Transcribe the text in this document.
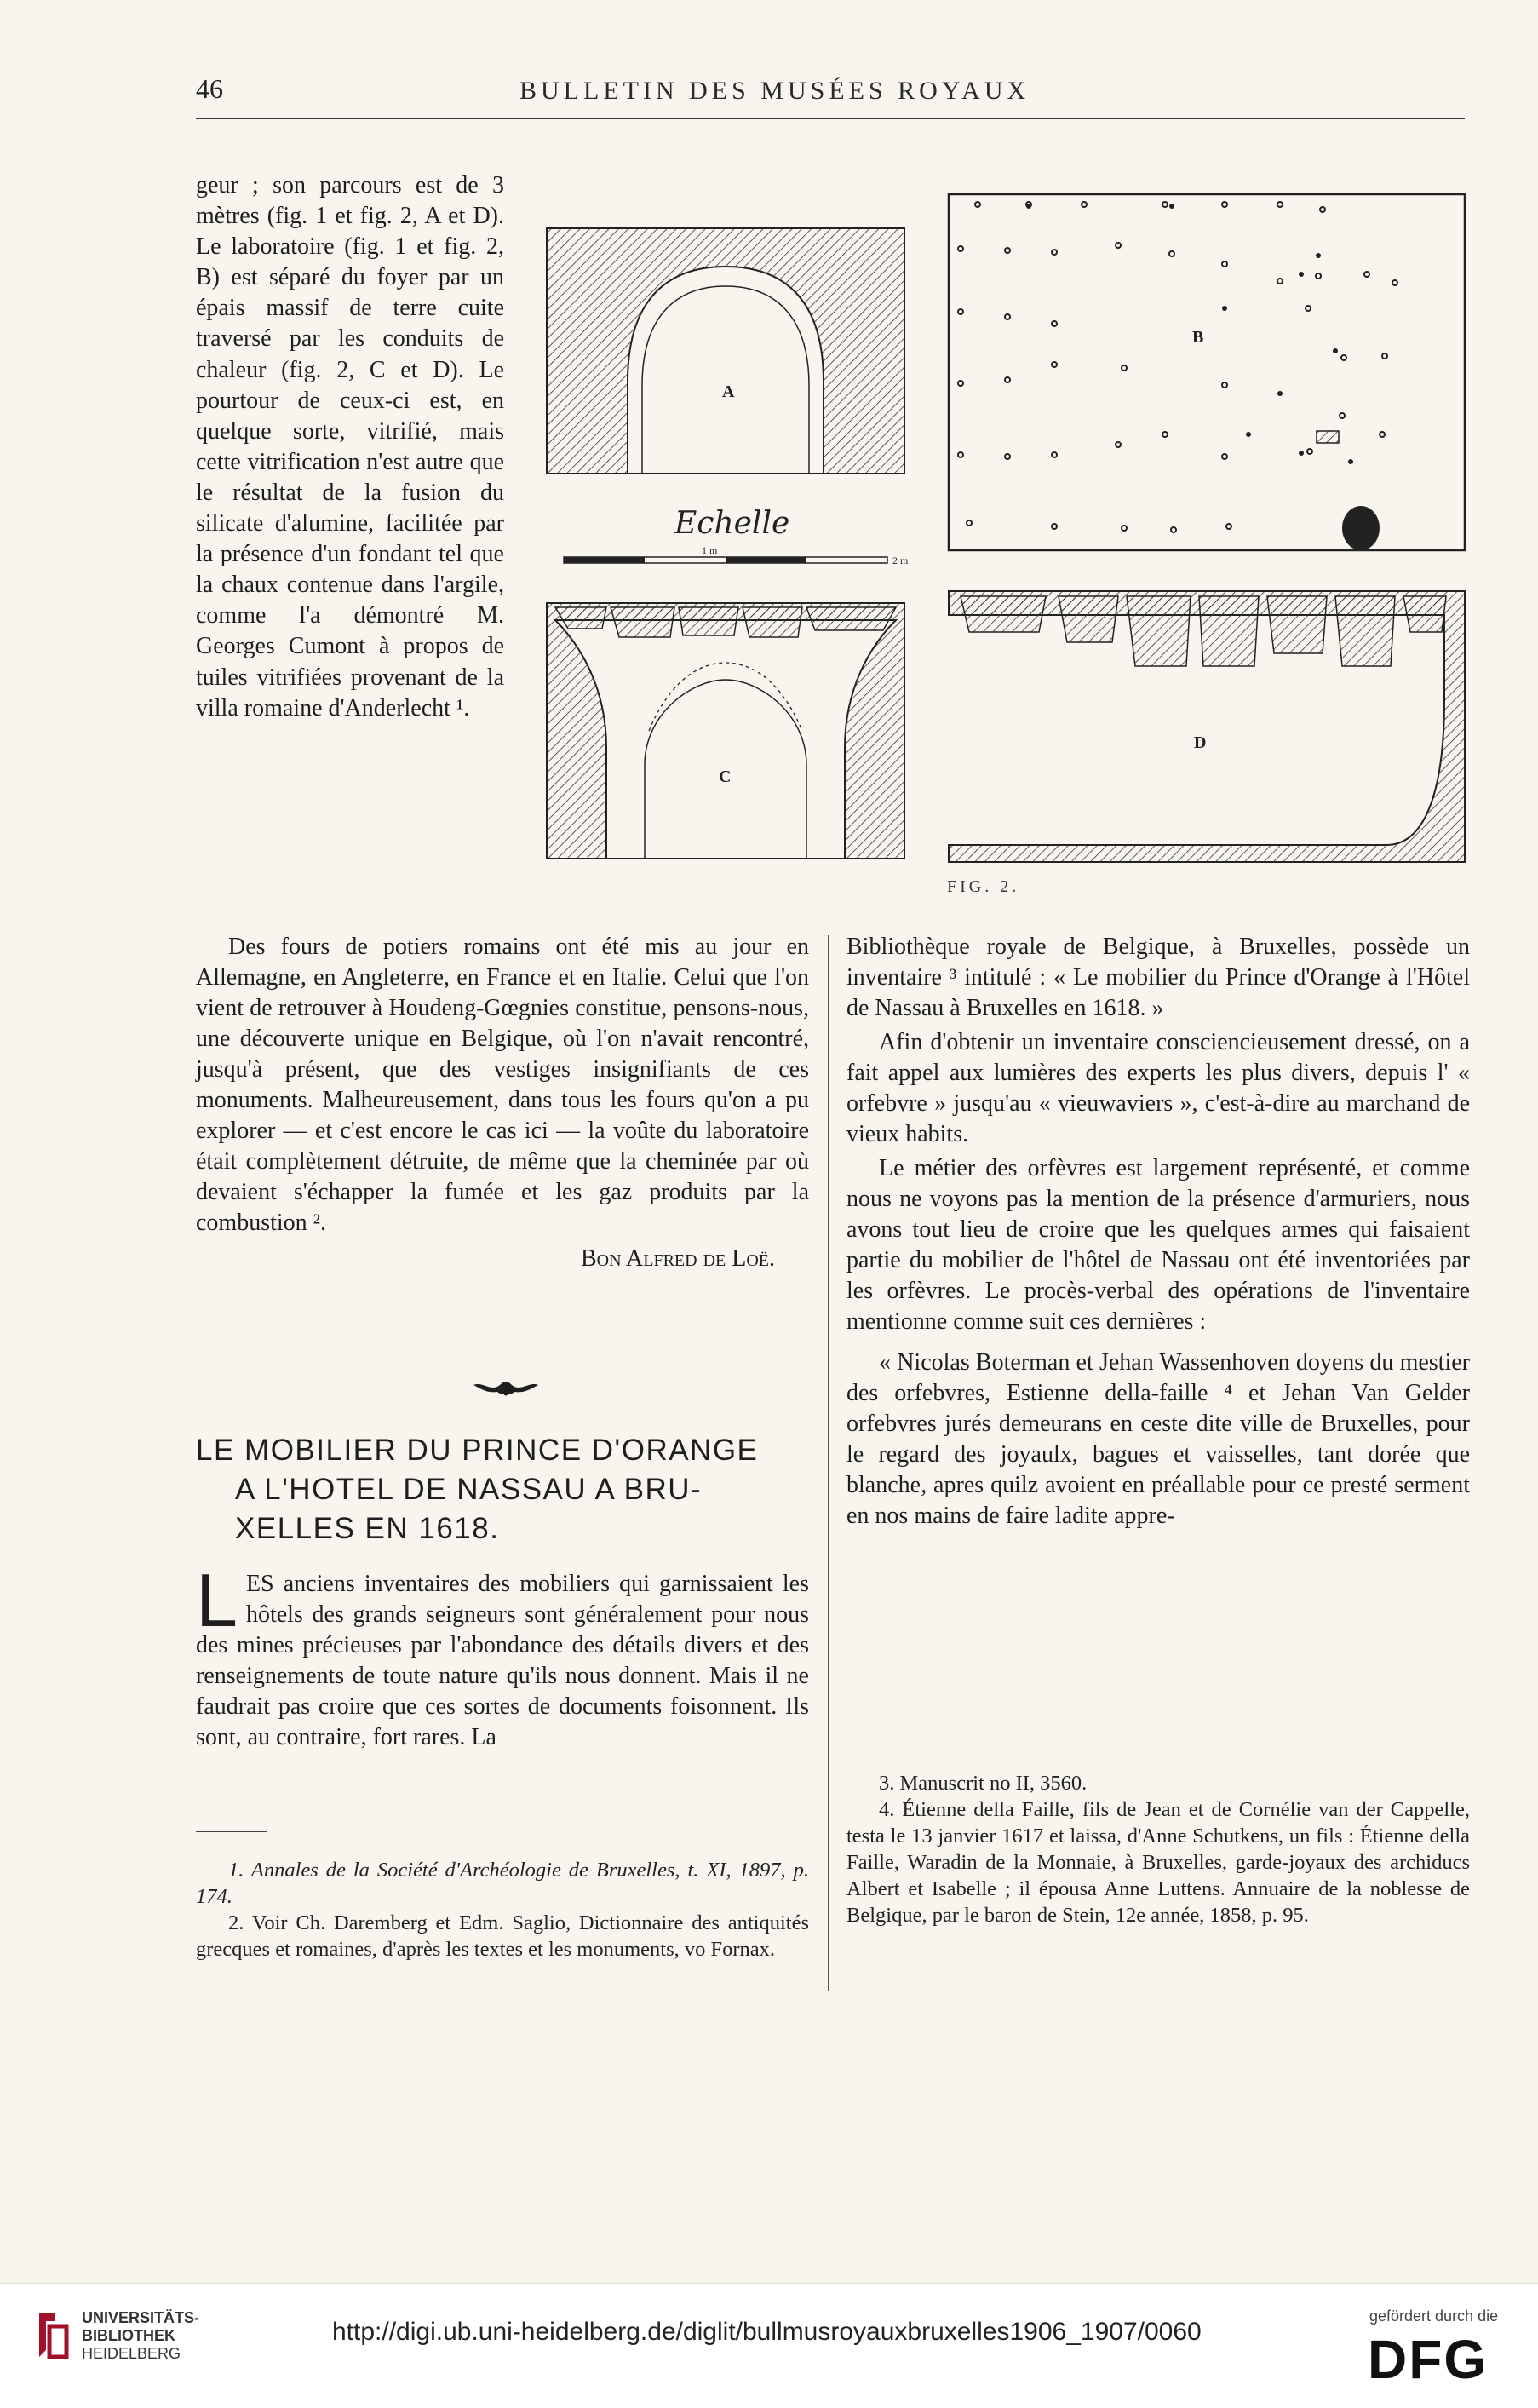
46	BULLETIN DES MUSÉES ROYAUX
A
Echelle
1 m
2 m
C
B
D
FIG. 2.
geur ; son parcours est de 3 mètres (fig. 1 et fig. 2, A et D). Le laboratoire (fig. 1 et fig. 2, B) est séparé du foyer par un épais massif de terre cuite traversé par les conduits de chaleur (fig. 2, C et D). Le pourtour de ceux-ci est, en quelque sorte, vitrifié, mais cette vitrification n'est autre que le résultat de la fusion du silicate d'alumine, facilitée par la présence d'un fondant tel que la chaux contenue dans l'argile, comme l'a démontré M. Georges Cumont à propos de tuiles vitrifiées provenant de la villa romaine d'Anderlecht ¹.

Des fours de potiers romains ont été mis au jour en Allemagne, en Angleterre, en France et en Italie. Celui que l'on vient de retrouver à Houdeng-Gœgnies constitue, pensons-nous, une découverte unique en Belgique, où l'on n'avait rencontré, jusqu'à présent, que des vestiges insignifiants de ces monuments. Malheureusement, dans tous les fours qu'on a pu explorer — et c'est encore le cas ici — la voûte du laboratoire était complètement détruite, de même que la cheminée par où devaient s'échapper la fumée et les gaz produits par la combustion ².

Bon Alfred de Loë.

LE MOBILIER DU PRINCE D'ORANGE
A L'HOTEL DE NASSAU A BRU-
XELLES EN 1618.

LES anciens inventaires des mobiliers qui garnissaient les hôtels des grands seigneurs sont généralement pour nous des mines précieuses par l'abondance des détails divers et des renseignements de toute nature qu'ils nous donnent. Mais il ne faudrait pas croire que ces sortes de documents foisonnent. Ils sont, au contraire, fort rares. La

1. Annales de la Société d'Archéologie de Bruxelles, t. XI, 1897, p. 174.

2. Voir Ch. Daremberg et Edm. Saglio, Dictionnaire des antiquités grecques et romaines, d'après les textes et les monuments, vo Fornax.

Bibliothèque royale de Belgique, à Bruxelles, possède un inventaire ³ intitulé : « Le mobilier du Prince d'Orange à l'Hôtel de Nassau à Bruxelles en 1618. »

Afin d'obtenir un inventaire consciencieusement dressé, on a fait appel aux lumières des experts les plus divers, depuis l' « orfebvre » jusqu'au « vieuwaviers », c'est-à-dire au marchand de vieux habits.

Le métier des orfèvres est largement représenté, et comme nous ne voyons pas la mention de la présence d'armuriers, nous avons tout lieu de croire que les quelques armes qui faisaient partie du mobilier de l'hôtel de Nassau ont été inventoriées par les orfèvres. Le procès-verbal des opérations de l'inventaire mentionne comme suit ces dernières :

« Nicolas Boterman et Jehan Wassenhoven doyens du mestier des orfebvres, Estienne della-faille ⁴ et Jehan Van Gelder orfebvres jurés demeurans en ceste dite ville de Bruxelles, pour le regard des joyaulx, bagues et vaisselles, tant dorée que blanche, apres quilz avoient en préallable pour ce presté serment en nos mains de faire ladite appre-

3. Manuscrit no II, 3560.

4. Étienne della Faille, fils de Jean et de Cornélie van der Cappelle, testa le 13 janvier 1617 et laissa, d'Anne Schutkens, un fils : Étienne della Faille, Waradin de la Monnaie, à Bruxelles, garde-joyaux des archiducs Albert et Isabelle ; il épousa Anne Luttens. Annuaire de la noblesse de Belgique, par le baron de Stein, 12e année, 1858, p. 95.

UNIVERSITÄTS-
BIBLIOTHEK
HEIDELBERG
http://digi.ub.uni-heidelberg.de/diglit/bullmusroyauxbruxelles1906_1907/0060
gefördert durch die
DFG
